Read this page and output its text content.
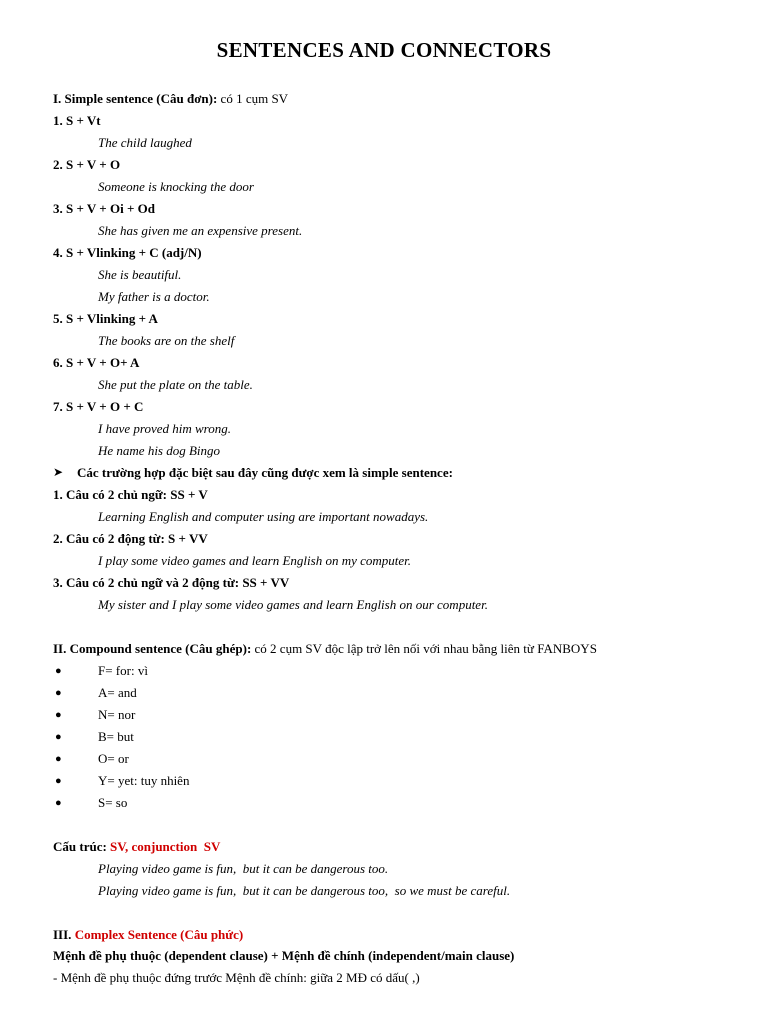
SENTENCES AND CONNECTORS
I. Simple sentence (Câu đơn): có 1 cụm SV
1. S + Vt
The child laughed
2. S + V + O
Someone is knocking the door
3. S + V + Oi + Od
She has given me an expensive present.
4. S + Vlinking + C (adj/N)
She is beautiful.
My father is a doctor.
5. S + Vlinking + A
The books are on the shelf
6. S + V + O+ A
She put the plate on the table.
7. S + V + O + C
I have proved him wrong.
He name his dog Bingo
➤ Các trường hợp đặc biệt sau đây cũng được xem là simple sentence:
1. Câu có 2 chủ ngữ: SS + V
Learning English and computer using are important nowadays.
2. Câu có 2 động từ: S + VV
I play some video games and learn English on my computer.
3. Câu có 2 chủ ngữ và 2 động từ: SS + VV
My sister and I play some video games and learn English on our computer.
II. Compound sentence (Câu ghép): có 2 cụm SV độc lập trở lên nối với nhau bằng liên từ FANBOYS
●	F= for: vì
●	A= and
●	N= nor
●	B= but
●	O= or
●	Y= yet: tuy nhiên
●	S= so
Cấu trúc: SV, conjunction  SV
Playing video game is fun,  but it can be dangerous too.
Playing video game is fun,  but it can be dangerous too,  so we must be careful.
III. Complex Sentence (Câu phức)
Mệnh đề phụ thuộc (dependent clause) + Mệnh đề chính (independent/main clause)
- Mệnh đề phụ thuộc đứng trước Mệnh đề chính: giữa 2 MĐ có dấu( ,)
